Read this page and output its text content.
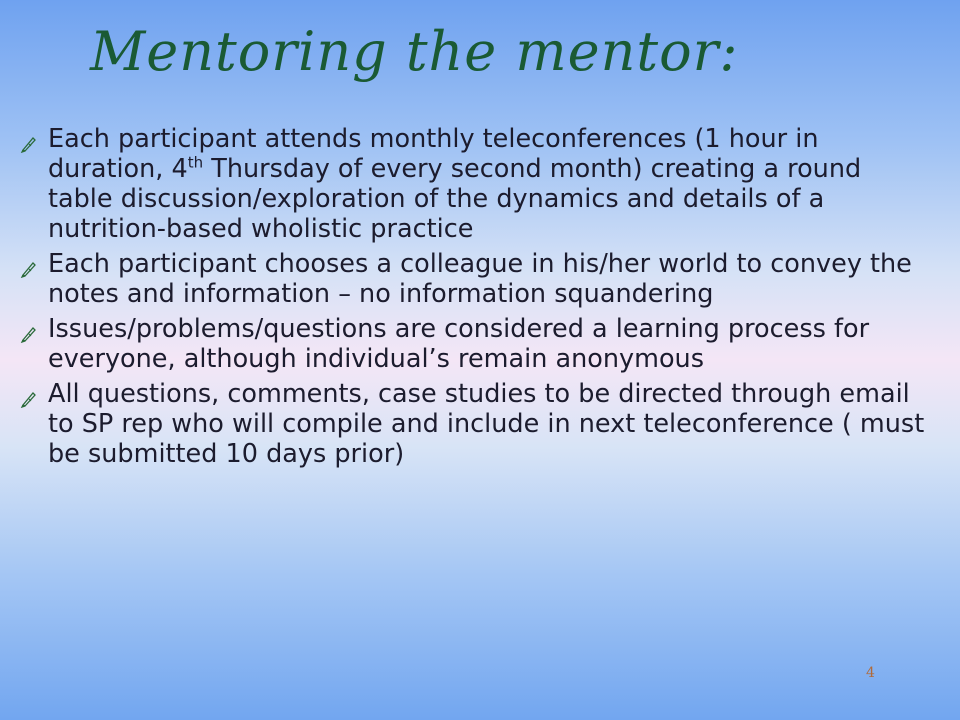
Mentoring the mentor:
Each participant attends monthly teleconferences (1 hour in duration, 4th Thursday of every second month) creating a round table discussion/exploration of the dynamics and details of a nutrition-based wholistic practice
Each participant chooses a colleague in his/her world to convey the notes and information – no information squandering
Issues/problems/questions are considered a learning process for everyone, although individual’s remain anonymous
All questions, comments, case studies to be directed through email to SP rep who will compile and include in next teleconference ( must be submitted 10 days prior)
4
